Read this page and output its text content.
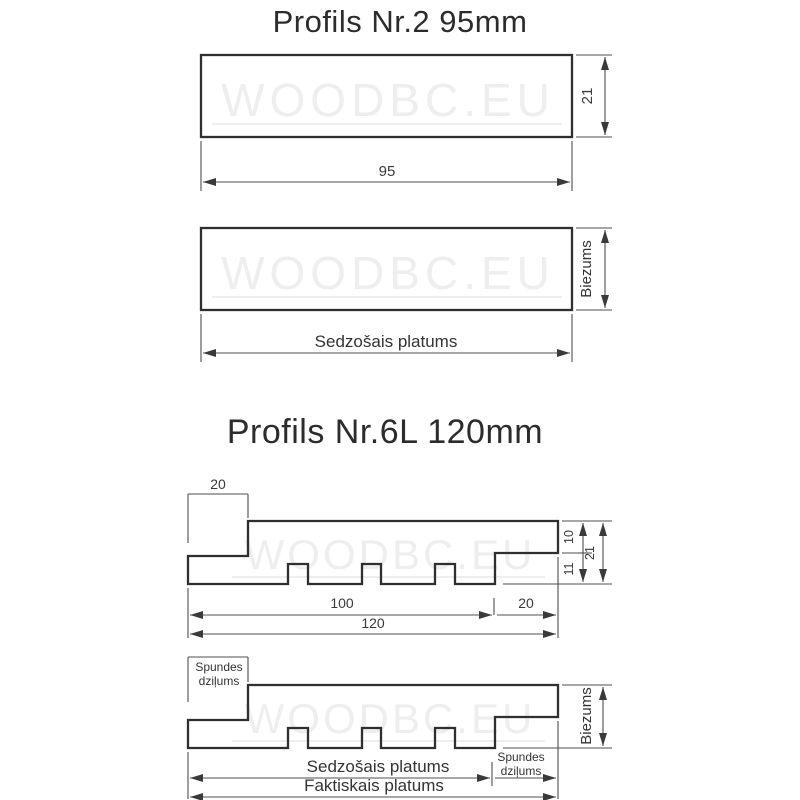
Profils Nr.2 95mm
WOODBC.EU 21
95
WOODBC.EU Biezums
Sedzošais platums
Profils Nr.6L 120mm
WOODBC.EU
20
10
11
21
100	20
120
WOODBC.EU
Spundes
dziļums
Biezums
Sedzošais platums	Spundes
dziļums
Faktiskais platums
